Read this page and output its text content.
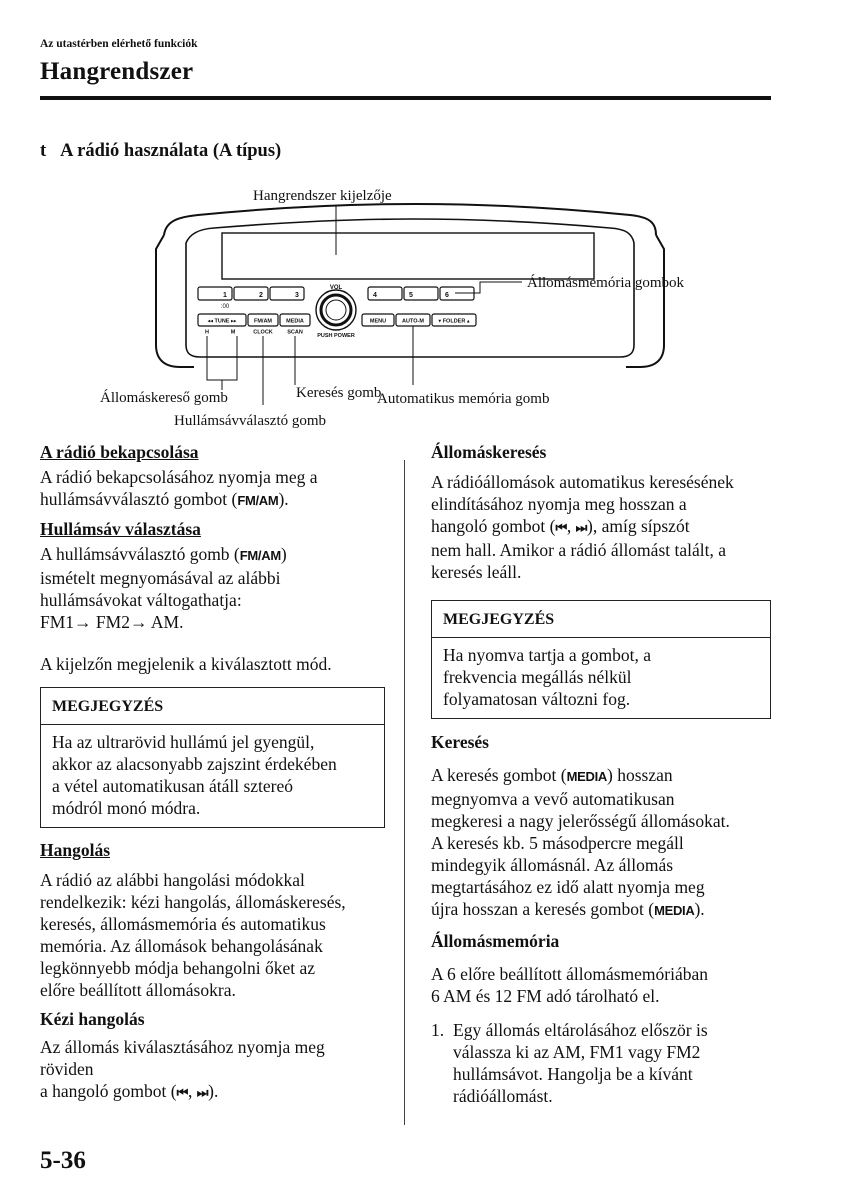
Az utastérben elérhető funkciók
Hangrendszer
t A rádió használata (A típus)
1	2	3	4	5	6
:00
VOL
PUSH POWER
◂◂ TUNE ▸▸	FM/AM	MEDIA	MENU	AUTO-M	▾ FOLDER ▴
H	M	CLOCK	SCAN
Hangrendszer kijelzője
Állomásmemória gombok
Állomáskereső gomb	Keresés gomb
Hullámsávválasztó gomb
Automatikus memória gomb

A rádió bekapcsolása

A rádió bekapcsolásához nyomja meg a

hullámsávválasztó gombot (FM/AM).

Hullámsáv választása

A hullámsávválasztó gomb (FM/AM)

ismételt megnyomásával az alábbi

hullámsávokat váltogathatja:

FM1→ FM2→ AM.

A kijelzőn megjelenik a kiválasztott mód.

MEGJEGYZÉS

Ha az ultrarövid hullámú jel gyengül,

akkor az alacsonyabb zajszint érdekében

a vétel automatikusan átáll sztereó

módról monó módra.

Hangolás

A rádió az alábbi hangolási módokkal

rendelkezik: kézi hangolás, állomáskeresés,

keresés, állomásmemória és automatikus

memória. Az állomások behangolásának

legkönnyebb módja behangolni őket az

előre beállított állomásokra.

Kézi hangolás

Az állomás kiválasztásához nyomja meg

röviden

a hangoló gombot (⏮, ⏭).

Állomáskeresés

A rádióállomások automatikus keresésének

elindításához nyomja meg hosszan a

hangoló gombot (⏮, ⏭), amíg sípszót

nem hall. Amikor a rádió állomást talált, a

keresés leáll.

MEGJEGYZÉS

Ha nyomva tartja a gombot, a

frekvencia megállás nélkül

folyamatosan változni fog.

Keresés

A keresés gombot (MEDIA) hosszan

megnyomva a vevő automatikusan

megkeresi a nagy jelerősségű állomásokat.

A keresés kb. 5 másodpercre megáll

mindegyik állomásnál. Az állomás

megtartásához ez idő alatt nyomja meg

újra hosszan a keresés gombot (MEDIA).

Állomásmemória

A 6 előre beállított állomásmemóriában

6 AM és 12 FM adó tárolható el.

1. Egy állomás eltárolásához először is

válassza ki az AM, FM1 vagy FM2

hullámsávot. Hangolja be a kívánt

rádióállomást.

5-36
